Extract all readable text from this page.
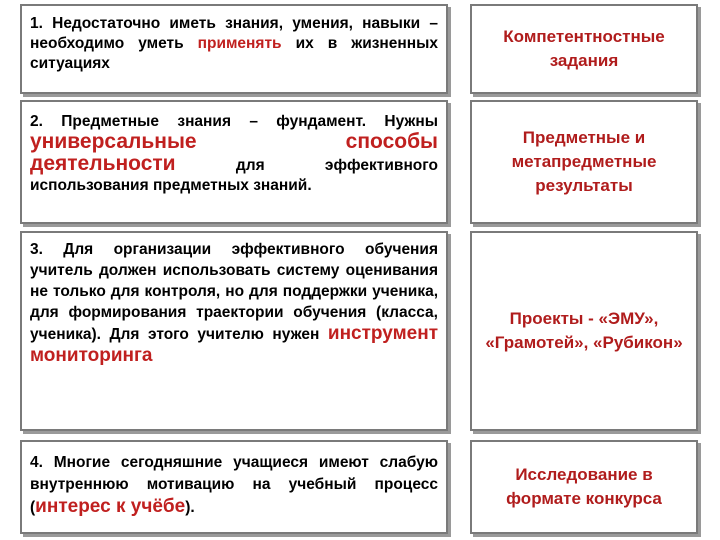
1. Недостаточно иметь знания, умения, навыки – необходимо уметь применять их в жизненных ситуациях
Компетентностные задания
2. Предметные знания – фундамент. Нужны универсальные способы деятельности для эффективного использования предметных знаний.
Предметные и метапредметные результаты
3. Для организации эффективного обучения учитель должен использовать систему оценивания не только для контроля, но для поддержки ученика, для формирования траектории обучения (класса, ученика). Для этого учителю нужен инструмент мониторинга
Проекты - «ЭМУ», «Грамотей», «Рубикон»
4. Многие сегодняшние учащиеся имеют слабую внутреннюю мотивацию на учебный процесс (интерес к учёбе).
Исследование в формате конкурса
